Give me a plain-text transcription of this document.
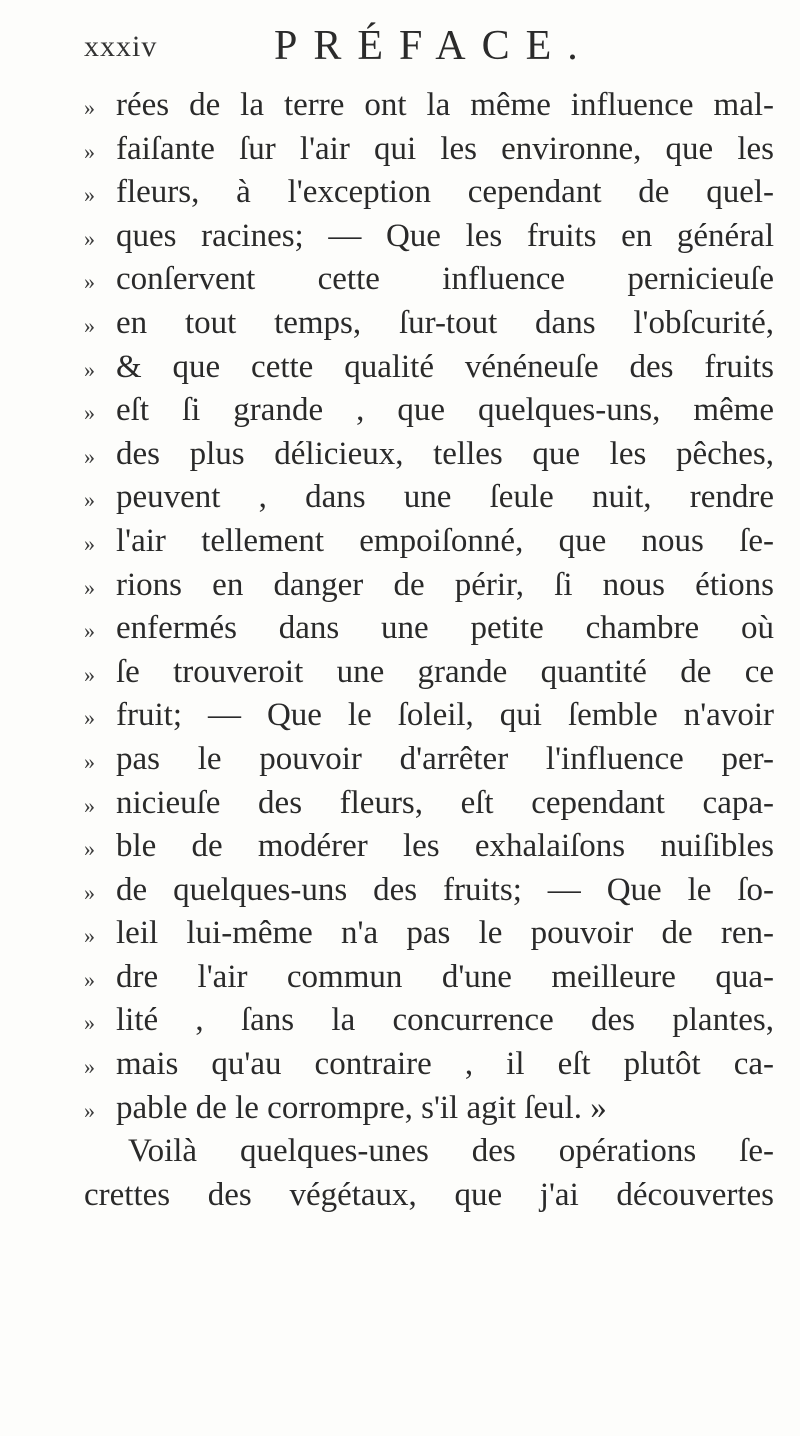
xxxiv	PRÉFACE.
» rées de la terre ont la même influence mal-
» faiſante ſur l'air qui les environne, que les
» fleurs, à l'exception cependant de quel-
» ques racines; — Que les fruits en général
» conſervent cette influence pernicieuſe
» en tout temps, ſur-tout dans l'obſcurité,
» & que cette qualité vénéneuſe des fruits
» eſt ſi grande , que quelques-uns, même
» des plus délicieux, telles que les pêches,
» peuvent , dans une ſeule nuit, rendre
» l'air tellement empoiſonné, que nous ſe-
» rions en danger de périr, ſi nous étions
» enfermés dans une petite chambre où
» ſe trouveroit une grande quantité de ce
» fruit; — Que le ſoleil, qui ſemble n'avoir
» pas le pouvoir d'arrêter l'influence per-
» nicieuſe des fleurs, eſt cependant capa-
» ble de modérer les exhalaiſons nuiſibles
» de quelques-uns des fruits; — Que le ſo-
» leil lui-même n'a pas le pouvoir de ren-
» dre l'air commun d'une meilleure qua-
» lité , ſans la concurrence des plantes,
» mais qu'au contraire , il eſt plutôt ca-
» pable de le corrompre, s'il agit ſeul. »
Voilà quelques-unes des opérations ſe-
crettes des végétaux, que j'ai découvertes
